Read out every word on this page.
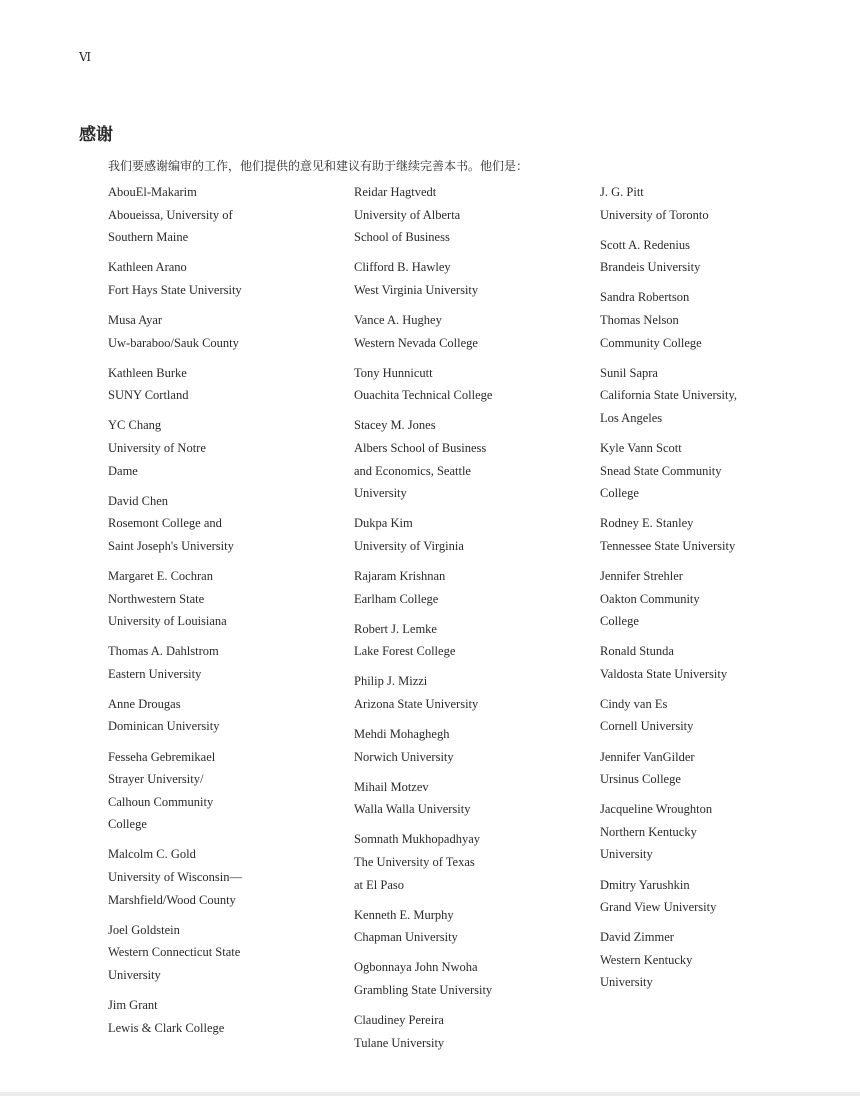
Ⅵ
感谢
我们要感谢编审的工作，他们提供的意见和建议有助于继续完善本书。他们是：
AbouEl-Makarim
Aboueissa, University of
Southern Maine
Kathleen Arano
Fort Hays State University
Musa Ayar
Uw-baraboo/Sauk County
Kathleen Burke
SUNY Cortland
YC Chang
University of Notre
Dame
David Chen
Rosemont College and
Saint Joseph's University
Margaret E. Cochran
Northwestern State
University of Louisiana
Thomas A. Dahlstrom
Eastern University
Anne Drougas
Dominican University
Fesseha Gebremikael
Strayer University/
Calhoun Community
College
Malcolm C. Gold
University of Wisconsin—
Marshfield/Wood County
Joel Goldstein
Western Connecticut State
University
Jim Grant
Lewis & Clark College
Reidar Hagtvedt
University of Alberta
School of Business
Clifford B. Hawley
West Virginia University
Vance A. Hughey
Western Nevada College
Tony Hunnicutt
Ouachita Technical College
Stacey M. Jones
Albers School of Business
and Economics, Seattle
University
Dukpa Kim
University of Virginia
Rajaram Krishnan
Earlham College
Robert J. Lemke
Lake Forest College
Philip J. Mizzi
Arizona State University
Mehdi Mohaghegh
Norwich University
Mihail Motzev
Walla Walla University
Somnath Mukhopadhyay
The University of Texas
at El Paso
Kenneth E. Murphy
Chapman University
Ogbonnaya John Nwoha
Grambling State University
Claudiney Pereira
Tulane University
J. G. Pitt
University of Toronto
Scott A. Redenius
Brandeis University
Sandra Robertson
Thomas Nelson
Community College
Sunil Sapra
California State University,
Los Angeles
Kyle Vann Scott
Snead State Community
College
Rodney E. Stanley
Tennessee State University
Jennifer Strehler
Oakton Community
College
Ronald Stunda
Valdosta State University
Cindy van Es
Cornell University
Jennifer VanGilder
Ursinus College
Jacqueline Wroughton
Northern Kentucky
University
Dmitry Yarushkin
Grand View University
David Zimmer
Western Kentucky
University
